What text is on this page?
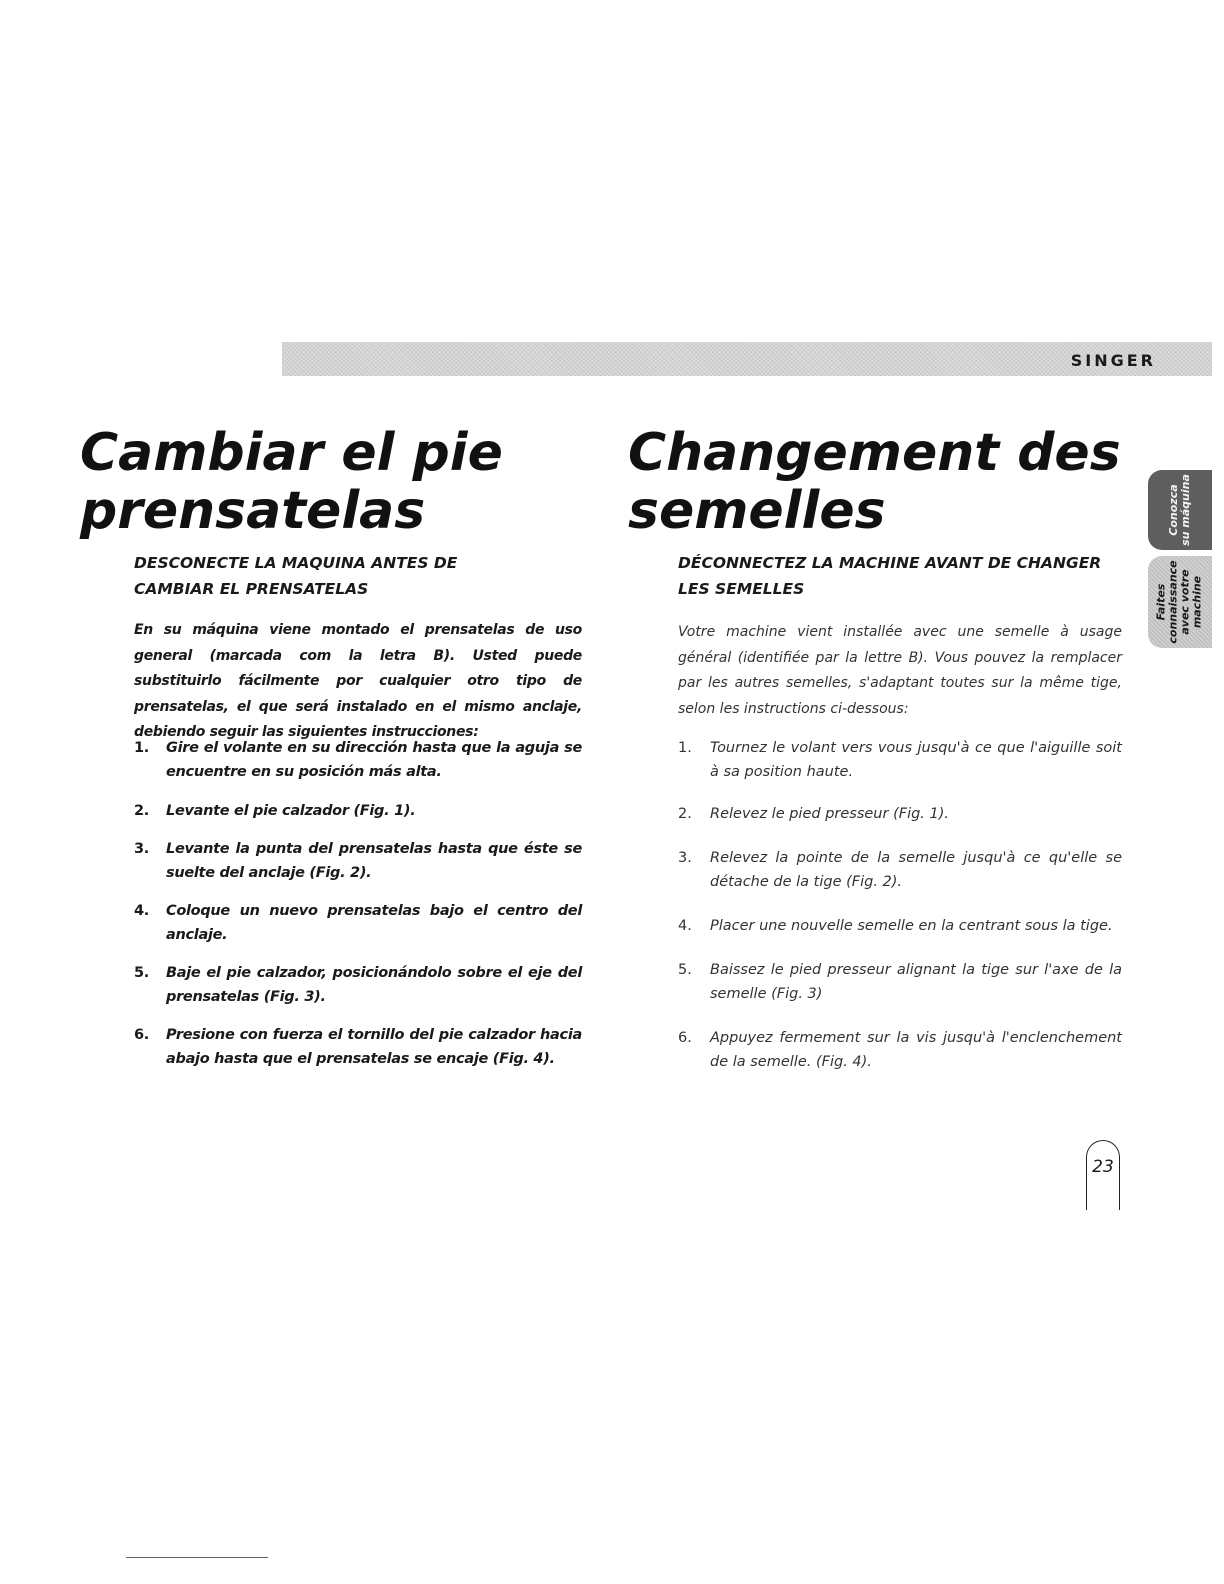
SINGER
Cambiar el pie
prensatelas
DESCONECTE LA MAQUINA ANTES DE
CAMBIAR EL PRENSATELAS

En su máquina viene montado el prensatelas de uso general (marcada com la letra B). Usted puede substituirlo fácilmente por cualquier otro tipo de prensatelas, el que será instalado en el mismo anclaje, debiendo seguir las siguientes instrucciones:

1. Gire el volante en su dirección hasta que la aguja se encuentre en su posición más alta.
2. Levante el pie calzador (Fig. 1).
3. Levante la punta del prensatelas hasta que éste se suelte del anclaje (Fig. 2).
4. Coloque un nuevo prensatelas bajo el centro del anclaje.
5. Baje el pie calzador, posicionándolo sobre el eje del prensatelas (Fig. 3).
6. Presione con fuerza el tornillo del pie calzador hacia abajo hasta que el prensatelas se encaje (Fig. 4).
Changement des
semelles
DÉCONNECTEZ LA MACHINE AVANT DE CHANGER
LES SEMELLES

Votre machine vient installée avec une semelle à usage général (identifiée par la lettre B). Vous pouvez la remplacer par les autres semelles, s'adaptant toutes sur la même tige, selon les instructions ci-dessous:

1. Tournez le volant vers vous jusqu'à ce que l'aiguille soit à sa position haute.
2. Relevez le pied presseur (Fig. 1).
3. Relevez la pointe de la semelle jusqu'à ce qu'elle se détache de la tige (Fig. 2).
4. Placer une nouvelle semelle en la centrant sous la tige.
5. Baissez le pied presseur alignant la tige sur l'axe de la semelle (Fig. 3)
6. Appuyez fermement sur la vis jusqu'à l'enclenchement de la semelle. (Fig. 4).
Conozca su máquina
Faites connaissance avec votre machine
23
